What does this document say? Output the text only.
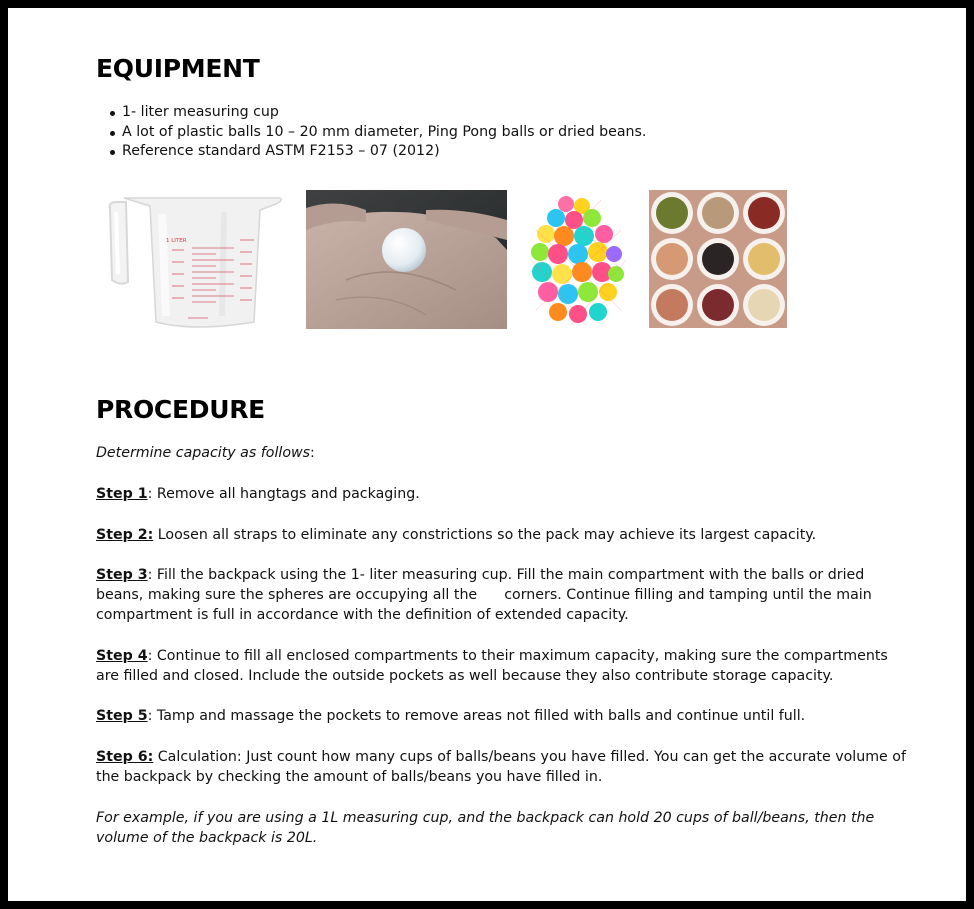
EQUIPMENT
1- liter measuring cup
A lot of plastic balls 10 – 20 mm diameter, Ping Pong balls or dried beans.
Reference standard ASTM F2153 – 07 (2012)
1 LITER
PROCEDURE

Determine capacity as follows:

Step 1: Remove all hangtags and packaging.

Step 2: Loosen all straps to eliminate any constrictions so the pack may achieve its largest capacity.

Step 3: Fill the backpack using the 1- liter measuring cup. Fill the main compartment with the balls or dried beans, making sure the spheres are occupying all the      corners. Continue filling and tamping until the main compartment is full in accordance with the definition of extended capacity.

Step 4: Continue to fill all enclosed compartments to their maximum capacity, making sure the compartments are filled and closed. Include the outside pockets as well because they also contribute storage capacity.

Step 5: Tamp and massage the pockets to remove areas not filled with balls and continue until full.

Step 6: Calculation: Just count how many cups of balls/beans you have filled. You can get the accurate volume of the backpack by checking the amount of balls/beans you have filled in.

For example, if you are using a 1L measuring cup, and the backpack can hold 20 cups of ball/beans, then the volume of the backpack is 20L.
